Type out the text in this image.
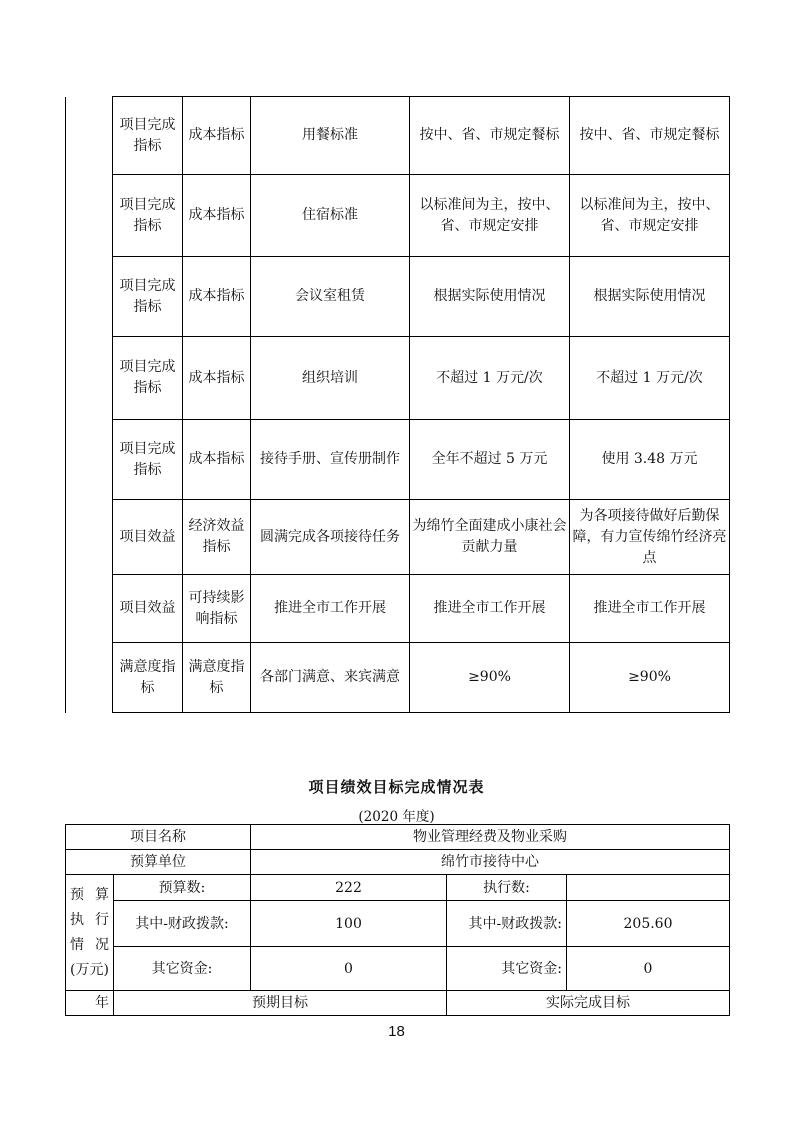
	项目完成指标	成本指标	用餐标准	按中、省、市规定餐标	按中、省、市规定餐标
	项目完成指标	成本指标	住宿标准	以标准间为主，按中、省、市规定安排	以标准间为主，按中、省、市规定安排
	项目完成指标	成本指标	会议室租赁	根据实际使用情况	根据实际使用情况
	项目完成指标	成本指标	组织培训	不超过 1 万元/次	不超过 1 万元/次
	项目完成指标	成本指标	接待手册、宣传册制作	全年不超过 5 万元	使用 3.48 万元
	项目效益	经济效益指标	圆满完成各项接待任务	为绵竹全面建成小康社会贡献力量	为各项接待做好后勤保障，有力宣传绵竹经济亮点
	项目效益	可持续影响指标	推进全市工作开展	推进全市工作开展	推进全市工作开展
	满意度指标	满意度指标	各部门满意、来宾满意	≥90%	≥90%
项目绩效目标完成情况表
(2020 年度)
项目名称		物业管理经费及物业采购		
预算单位		绵竹市接待中心		

预算
执行
情况
(万元)	预算数:	222	执行数:	
	其中-财政拨款:	100	其中-财政拨款:	205.60
	其它资金:	0	其它资金:	0
年	预期目标		实际完成目标	
18
